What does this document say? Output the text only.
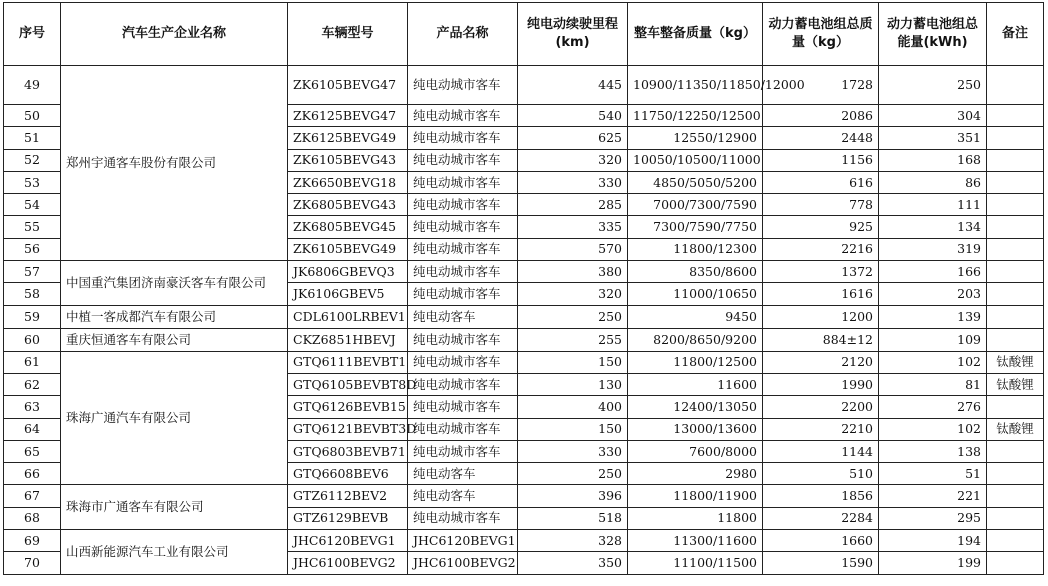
序号	汽车生产企业名称	车辆型号	产品名称	纯电动续驶里程(km)	整车整备质量（kg）	动力蓄电池组总质量（kg）	动力蓄电池组总能量(kWh)	备注
49	郑州宇通客车股份有限公司	ZK6105BEVG47	纯电动城市客车	445	10900/11350/11850/12000	1728	250	
50		ZK6125BEVG47	纯电动城市客车	540	11750/12250/12500	2086	304	
51		ZK6125BEVG49	纯电动城市客车	625	12550/12900	2448	351	
52		ZK6105BEVG43	纯电动城市客车	320	10050/10500/11000	1156	168	
53		ZK6650BEVG18	纯电动城市客车	330	4850/5050/5200	616	86	
54		ZK6805BEVG43	纯电动城市客车	285	7000/7300/7590	778	111	
55		ZK6805BEVG45	纯电动城市客车	335	7300/7590/7750	925	134	
56		ZK6105BEVG49	纯电动城市客车	570	11800/12300	2216	319	
57	中国重汽集团济南豪沃客车有限公司	JK6806GBEVQ3	纯电动城市客车	380	8350/8600	1372	166	
58		JK6106GBEV5	纯电动城市客车	320	11000/10650	1616	203	
59	中植一客成都汽车有限公司	CDL6100LRBEV1	纯电动客车	250	9450	1200	139	
60	重庆恒通客车有限公司	CKZ6851HBEVJ	纯电动城市客车	255	8200/8650/9200	884±12	109	
61	珠海广通汽车有限公司	GTQ6111BEVBT1	纯电动城市客车	150	11800/12500	2120	102	钛酸锂
62		GTQ6105BEVBT8D	纯电动城市客车	130	11600	1990	81	钛酸锂
63		GTQ6126BEVB15	纯电动城市客车	400	12400/13050	2200	276	
64		GTQ6121BEVBT3D	纯电动城市客车	150	13000/13600	2210	102	钛酸锂
65		GTQ6803BEVB71	纯电动城市客车	330	7600/8000	1144	138	
66		GTQ6608BEV6	纯电动客车	250	2980	510	51	
67	珠海市广通客车有限公司	GTZ6112BEV2	纯电动客车	396	11800/11900	1856	221	
68		GTZ6129BEVB	纯电动城市客车	518	11800	2284	295	
69	山西新能源汽车工业有限公司	JHC6120BEVG1	JHC6120BEVG1	328	11300/11600	1660	194	
70		JHC6100BEVG2	JHC6100BEVG2	350	11100/11500	1590	199	
